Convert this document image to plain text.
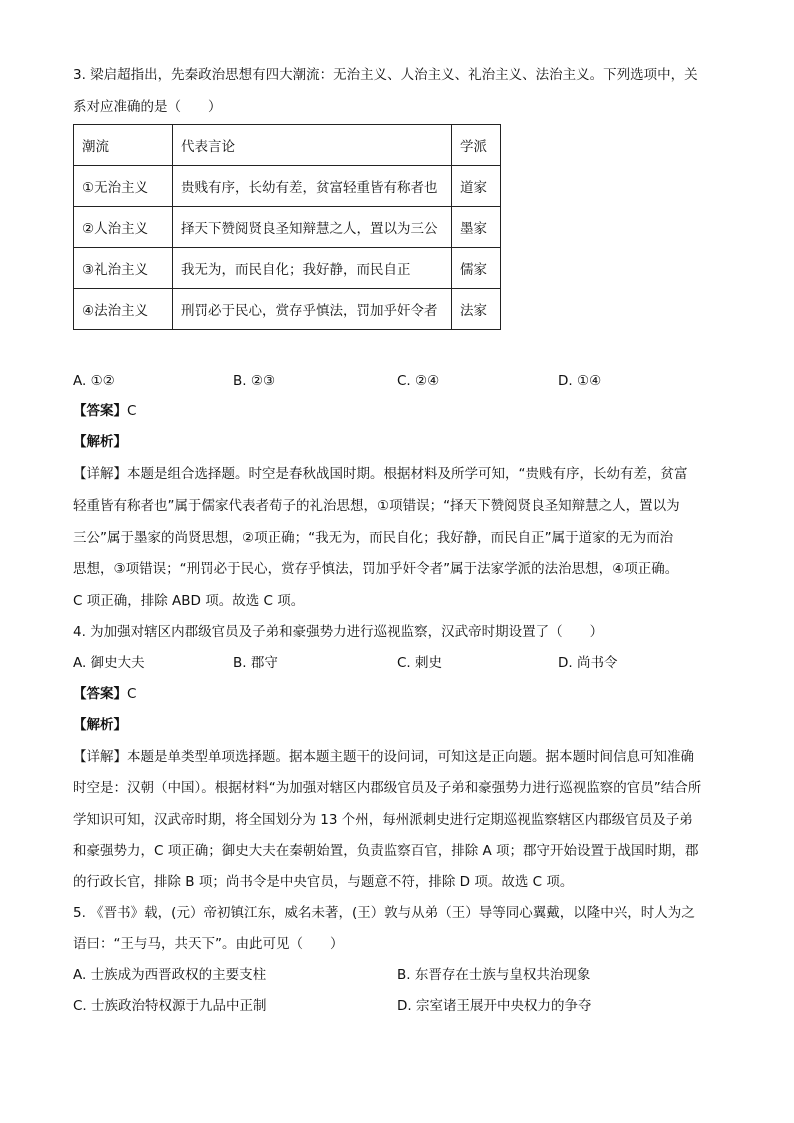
3. 梁启超指出，先秦政治思想有四大潮流：无治主义、人治主义、礼治主义、法治主义。下列选项中，关
系对应准确的是（　　）
潮流	代表言论	学派
①无治主义	贵贱有序，长幼有差，贫富轻重皆有称者也	道家
②人治主义	择天下赞阅贤良圣知辩慧之人，置以为三公	墨家
③礼治主义	我无为，而民自化；我好静，而民自正	儒家
④法治主义	刑罚必于民心，赏存乎慎法，罚加乎奸令者	法家
A. ①②	B. ②③	C. ②④	D. ①④
【答案】C
【解析】
【详解】本题是组合选择题。时空是春秋战国时期。根据材料及所学可知，“贵贱有序，长幼有差，贫富
轻重皆有称者也”属于儒家代表者荀子的礼治思想，①项错误；“择天下赞阅贤良圣知辩慧之人，置以为
三公”属于墨家的尚贤思想，②项正确；“我无为，而民自化；我好静，而民自正”属于道家的无为而治
思想，③项错误；“刑罚必于民心，赏存乎慎法，罚加乎奸令者”属于法家学派的法治思想，④项正确。
C 项正确，排除 ABD 项。故选 C 项。
4. 为加强对辖区内郡级官员及子弟和豪强势力进行巡视监察，汉武帝时期设置了（　　）
A. 御史大夫	B. 郡守	C. 刺史	D. 尚书令
【答案】C
【解析】
【详解】本题是单类型单项选择题。据本题主题干的设问词，可知这是正向题。据本题时间信息可知准确
时空是：汉朝（中国）。根据材料“为加强对辖区内郡级官员及子弟和豪强势力进行巡视监察的官员”结合所
学知识可知，汉武帝时期，将全国划分为 13 个州，每州派刺史进行定期巡视监察辖区内郡级官员及子弟
和豪强势力，C 项正确；御史大夫在秦朝始置，负责监察百官，排除 A 项；郡守开始设置于战国时期，郡
的行政长官，排除 B 项；尚书令是中央官员，与题意不符，排除 D 项。故选 C 项。
5. 《晋书》载，(元）帝初镇江东，威名未著，(王）敦与从弟（王）导等同心翼戴，以隆中兴，时人为之
语曰：“王与马，共天下”。由此可见（　　）
A. 士族成为西晋政权的主要支柱	B. 东晋存在士族与皇权共治现象
C. 士族政治特权源于九品中正制	D. 宗室诸王展开中央权力的争夺
